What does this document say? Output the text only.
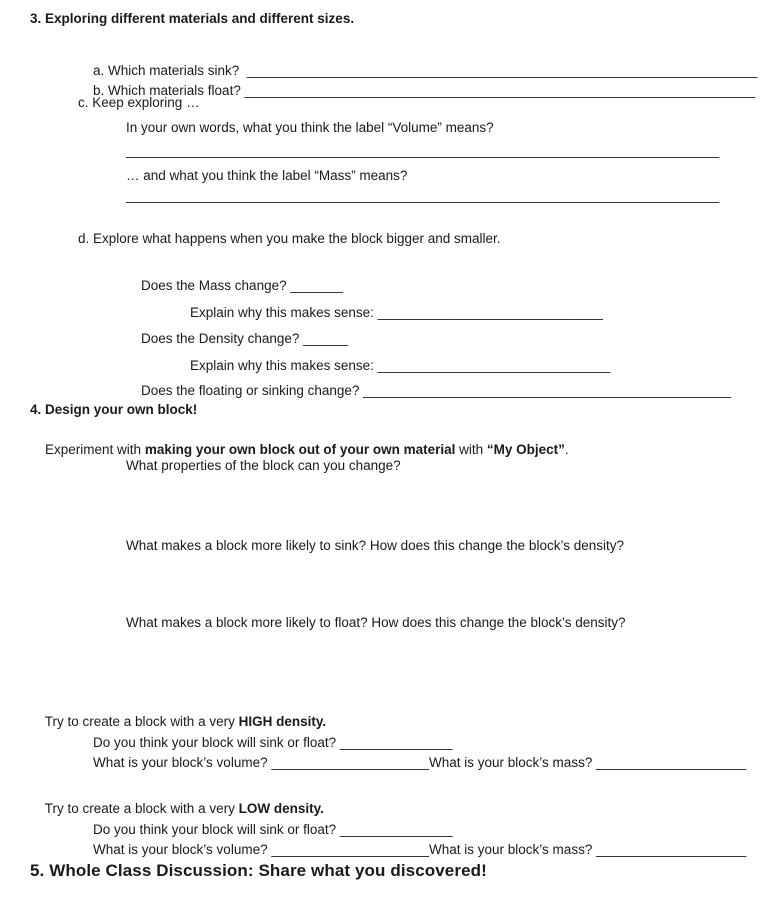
3. Exploring different materials and different sizes.

a. Which materials sink?  ____________________________________________________________________

b. Which materials float? ____________________________________________________________________

c. Keep exploring …
In your own words, what you think the label “Volume” means?
_______________________________________________________________________________
… and what you think the label “Mass” means?
_______________________________________________________________________________
d. Explore what happens when you make the block bigger and smaller.

Does the Mass change? _______

Explain why this makes sense: ______________________________

Does the Density change? ______

Explain why this makes sense: _______________________________

Does the floating or sinking change? _________________________________________________

4. Design your own block!

Experiment with making your own block out of your own material with “My Object”.

What properties of the block can you change?
What makes a block more likely to sink? How does this change the block’s density?
What makes a block more likely to float? How does this change the block’s density?

Try to create a block with a very HIGH density.

Do you think your block will sink or float? _______________

What is your block’s volume? _____________________What is your block’s mass? ____________________

Try to create a block with a very LOW density.

Do you think your block will sink or float? _______________

What is your block’s volume? _____________________What is your block’s mass? ____________________

5. Whole Class Discussion: Share what you discovered!
